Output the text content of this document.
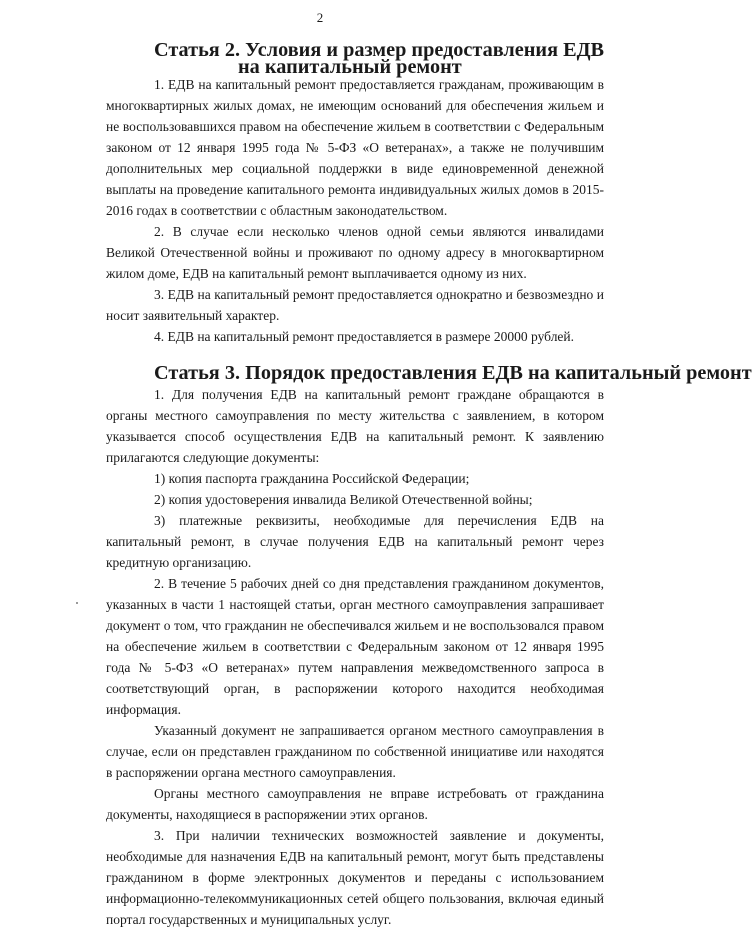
2
Статья 2. Условия и размер предоставления ЕДВ
на капитальный ремонт

1. ЕДВ на капитальный ремонт предоставляется гражданам, проживающим в многоквартирных жилых домах, не имеющим оснований для обеспечения жильем и не воспользовавшихся правом на обеспечение жильем в соответствии с Федеральным законом от 12 января 1995 года № 5-ФЗ «О ветеранах», а также не получившим дополнительных мер социальной поддержки в виде единовременной денежной выплаты на проведение капитального ремонта индивидуальных жилых домов в 2015-2016 годах в соответствии с областным законодательством.

2. В случае если несколько членов одной семьи являются инвалидами Великой Отечественной войны и проживают по одному адресу в многоквартирном жилом доме, ЕДВ на капитальный ремонт выплачивается одному из них.

3. ЕДВ на капитальный ремонт предоставляется однократно и безвозмездно и носит заявительный характер.

4. ЕДВ на капитальный ремонт предоставляется в размере 20000 рублей.

Статья 3. Порядок предоставления ЕДВ на капитальный ремонт

1. Для получения ЕДВ на капитальный ремонт граждане обращаются в органы местного самоуправления по месту жительства с заявлением, в котором указывается способ осуществления ЕДВ на капитальный ремонт. К заявлению прилагаются следующие документы:

1) копия паспорта гражданина Российской Федерации;

2) копия удостоверения инвалида Великой Отечественной войны;

3) платежные реквизиты, необходимые для перечисления ЕДВ на капитальный ремонт, в случае получения ЕДВ на капитальный ремонт через кредитную организацию.

2. В течение 5 рабочих дней со дня представления гражданином документов, указанных в части 1 настоящей статьи, орган местного самоуправления запрашивает документ о том, что гражданин не обеспечивался жильем и не воспользовался правом на обеспечение жильем в соответствии с Федеральным законом от 12 января 1995 года № 5-ФЗ «О ветеранах» путем направления межведомственного запроса в соответствующий орган, в распоряжении которого находится необходимая информация.

Указанный документ не запрашивается органом местного самоуправления в случае, если он представлен гражданином по собственной инициативе или находятся в распоряжении органа местного самоуправления.

Органы местного самоуправления не вправе истребовать от гражданина документы, находящиеся в распоряжении этих органов.

3. При наличии технических возможностей заявление и документы, необходимые для назначения ЕДВ на капитальный ремонт, могут быть представлены гражданином в форме электронных документов и переданы с использованием информационно-телекоммуникационных сетей общего пользования, включая единый портал государственных и муниципальных услуг.
